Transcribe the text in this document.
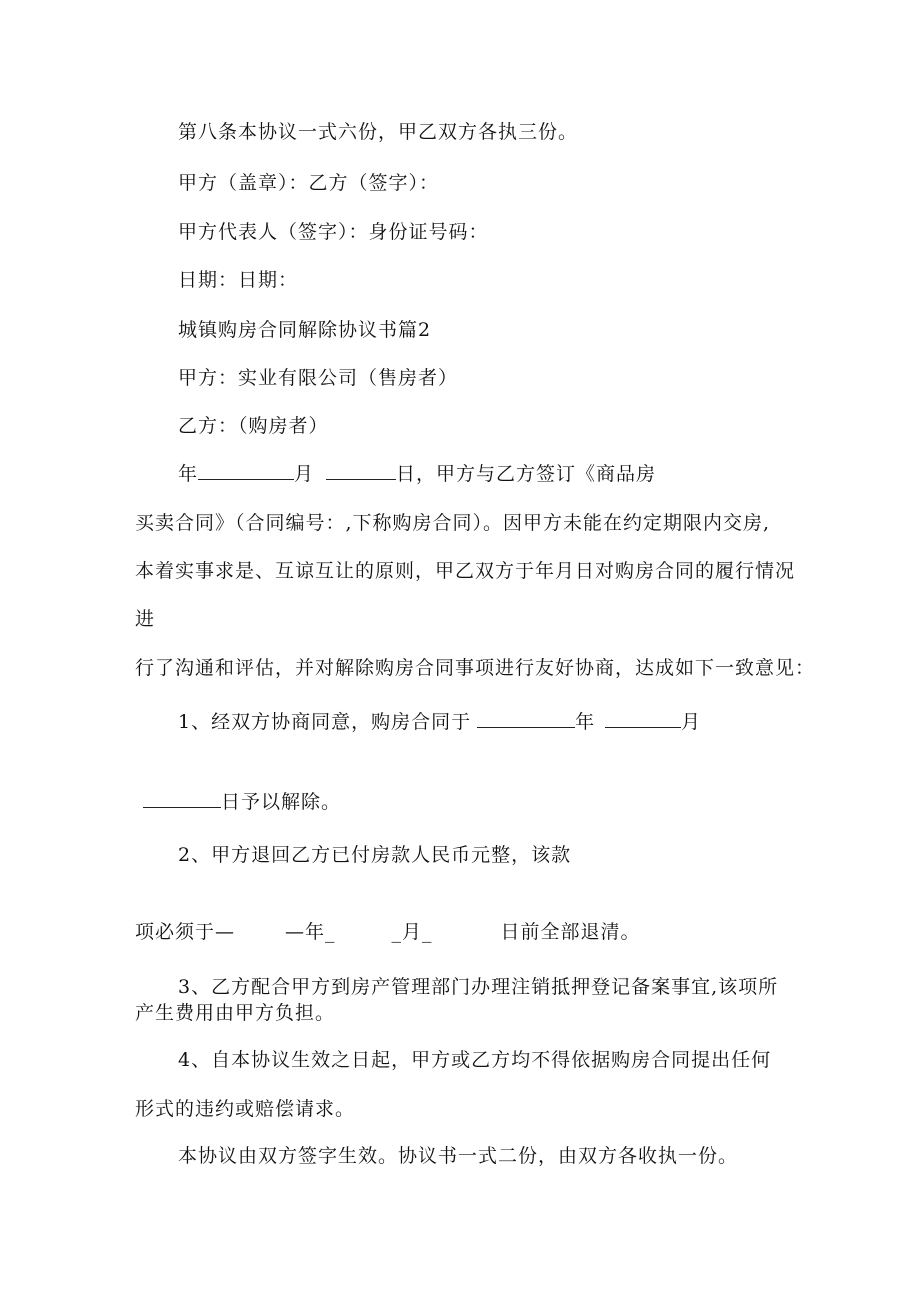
第八条本协议一式六份，甲乙双方各执三份。
甲方（盖章）：乙方（签字）：
甲方代表人（签字）：身份证号码：
日期：日期：
城镇购房合同解除协议书篇2
甲方：实业有限公司（售房者）
乙方：（购房者）
年	月	日，甲方与乙方签订《商品房
买卖合同》（合同编号：,下称购房合同）。因甲方未能在约定期限内交房,
本着实事求是、互谅互让的原则，甲乙双方于年月日对购房合同的履行情况
进
行了沟通和评估，并对解除购房合同事项进行友好协商，达成如下一致意见：
1、经双方协商同意，购房合同于	年	月
日予以解除。
2、甲方退回乙方已付房款人民币元整，该款
项必须于—	—年_	_月_	日前全部退清。
3、乙方配合甲方到房产管理部门办理注销抵押登记备案事宜,该项所
产生费用由甲方负担。
4、自本协议生效之日起，甲方或乙方均不得依据购房合同提出任何
形式的违约或赔偿请求。
本协议由双方签字生效。协议书一式二份，由双方各收执一份。
